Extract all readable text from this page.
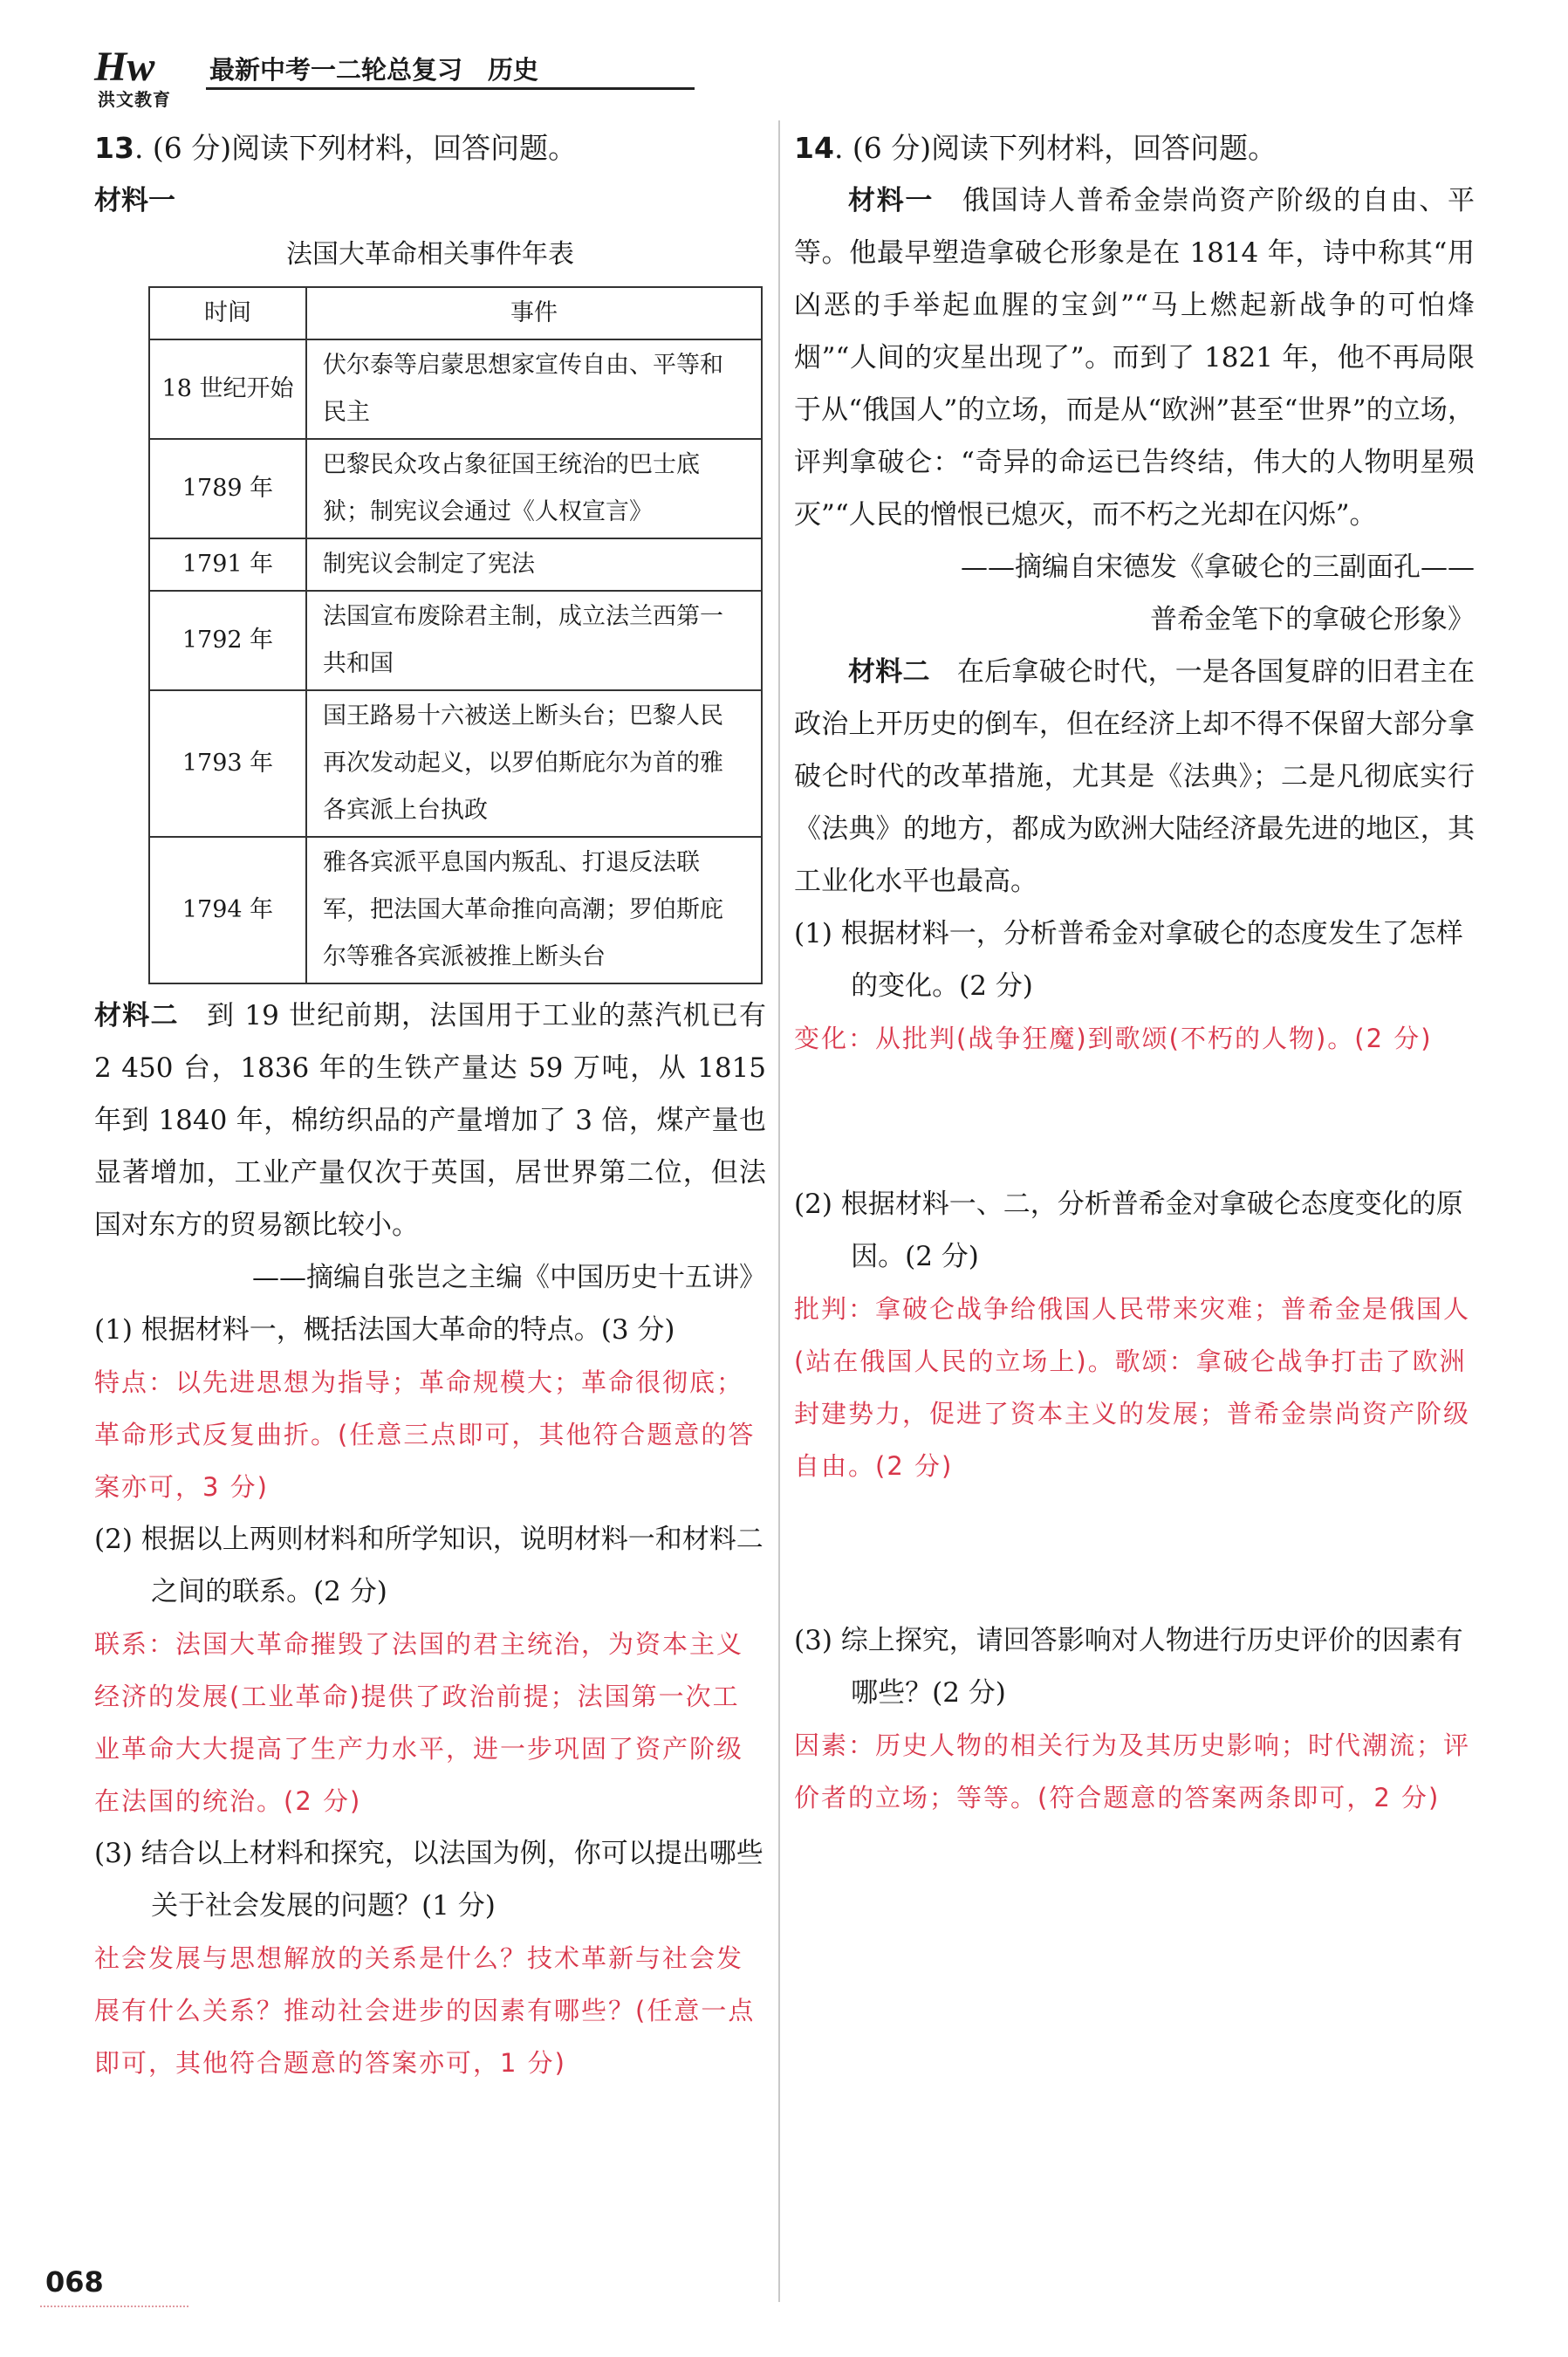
Hw
洪文教育
最新中考一二轮总复习　历史

13. (6 分)阅读下列材料，回答问题。

材料一

法国大革命相关事件年表

时间	事件
18 世纪开始	伏尔泰等启蒙思想家宣传自由、平等和民主
1789 年	巴黎民众攻占象征国王统治的巴士底狱；制宪议会通过《人权宣言》
1791 年	制宪议会制定了宪法
1792 年	法国宣布废除君主制，成立法兰西第一共和国
1793 年	国王路易十六被送上断头台；巴黎人民再次发动起义，以罗伯斯庇尔为首的雅各宾派上台执政
1794 年	雅各宾派平息国内叛乱、打退反法联军，把法国大革命推向高潮；罗伯斯庇尔等雅各宾派被推上断头台

材料二　 到 19 世纪前期，法国用于工业的蒸汽机已有 2 450 台，1836 年的生铁产量达 59 万吨，从 1815 年到 1840 年，棉纺织品的产量增加了 3 倍，煤产量也显著增加，工业产量仅次于英国，居世界第二位，但法国对东方的贸易额比较小。

——摘编自张岂之主编《中国历史十五讲》

(1) 根据材料一，概括法国大革命的特点。(3 分)

特点：以先进思想为指导；革命规模大；革命很彻底；革命形式反复曲折。(任意三点即可，其他符合题意的答案亦可，3 分)

(2) 根据以上两则材料和所学知识，说明材料一和材料二之间的联系。(2 分)

联系：法国大革命摧毁了法国的君主统治，为资本主义经济的发展(工业革命)提供了政治前提；法国第一次工业革命大大提高了生产力水平，进一步巩固了资产阶级在法国的统治。(2 分)

(3) 结合以上材料和探究，以法国为例，你可以提出哪些关于社会发展的问题？(1 分)

社会发展与思想解放的关系是什么？技术革新与社会发展有什么关系？推动社会进步的因素有哪些？(任意一点即可，其他符合题意的答案亦可，1 分)

14. (6 分)阅读下列材料，回答问题。

材料一　 俄国诗人普希金崇尚资产阶级的自由、平等。他最早塑造拿破仑形象是在 1814 年，诗中称其“用凶恶的手举起血腥的宝剑”“马上燃起新战争的可怕烽烟”“人间的灾星出现了”。而到了 1821 年，他不再局限于从“俄国人”的立场，而是从“欧洲”甚至“世界”的立场，评判拿破仑：“奇异的命运已告终结，伟大的人物明星殒灭”“人民的憎恨已熄灭，而不朽之光却在闪烁”。

——摘编自宋德发《拿破仑的三副面孔——

普希金笔下的拿破仑形象》

材料二　 在后拿破仑时代，一是各国复辟的旧君主在政治上开历史的倒车，但在经济上却不得不保留大部分拿破仑时代的改革措施，尤其是《法典》；二是凡彻底实行《法典》的地方，都成为欧洲大陆经济最先进的地区，其工业化水平也最高。

(1) 根据材料一，分析普希金对拿破仑的态度发生了怎样的变化。(2 分)

变化：从批判(战争狂魔)到歌颂(不朽的人物)。(2 分)

(2) 根据材料一、二，分析普希金对拿破仑态度变化的原因。(2 分)

批判：拿破仑战争给俄国人民带来灾难；普希金是俄国人(站在俄国人民的立场上)。歌颂：拿破仑战争打击了欧洲封建势力，促进了资本主义的发展；普希金崇尚资产阶级自由。(2 分)

(3) 综上探究，请回答影响对人物进行历史评价的因素有哪些？(2 分)

因素：历史人物的相关行为及其历史影响；时代潮流；评价者的立场；等等。(符合题意的答案两条即可，2 分)

068
